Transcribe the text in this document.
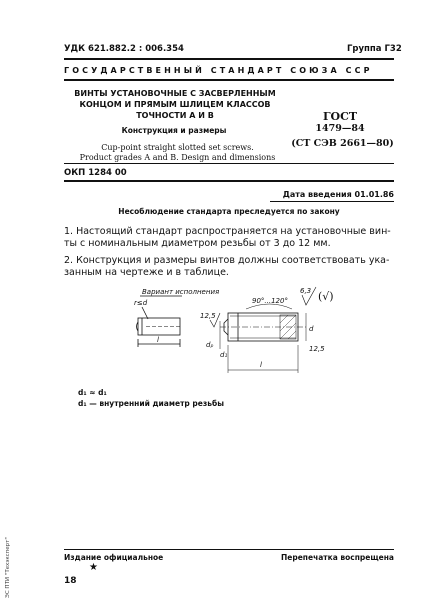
УДК 621.882.2 : 006.354	Группа Г32
ГОСУДАРСТВЕННЫЙ СТАНДАРТ СОЮЗА ССР
ВИНТЫ УСТАНОВОЧНЫЕ С ЗАСВЕРЛЕННЫМ
КОНЦОМ И ПРЯМЫМ ШЛИЦЕМ КЛАССОВ
ТОЧНОСТИ А И В
Конструкция и размеры
Cup-point straight slotted set screws.
Product grades A and B. Design and dimensions
ГОСТ
1479—84
(СТ СЭВ 2661—80)
ОКП 1284 00
Дата введения 01.01.86
Несоблюдение стандарта преследуется по закону
1. Настоящий стандарт распространяется на установочные вин-
ты с номинальным диаметром резьбы от 3 до 12 мм.
2. Конструкция и размеры винтов должны соответствовать ука-
занным на чертеже и в таблице.
Вариант исполнения
r≤d
l
90°...120°
6,3 (√)
12,5
dₚ
d₁
d
12,5
l
d₁ ≈ d₁
d₁ — внутренний диаметр резьбы
Издание официальное	Перепечатка воспрещена
★
18
ЭС ПТИ "Техэксперт"
